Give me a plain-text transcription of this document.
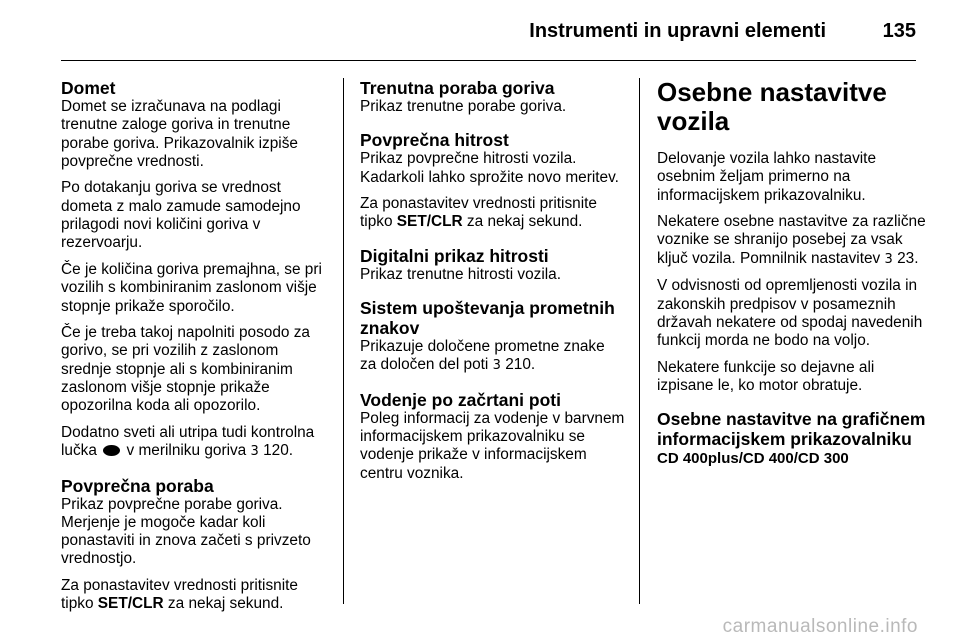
Instrumenti in upravni elementi	135
Domet

Domet se izračunava na podlagi trenutne zaloge goriva in trenutne porabe goriva. Prikazovalnik izpiše povprečne vrednosti.

Po dotakanju goriva se vrednost dometa z malo zamude samodejno prilagodi novi količini goriva v rezervoarju.

Če je količina goriva premajhna, se pri vozilih s kombiniranim zaslonom višje stopnje prikaže sporočilo.

Če je treba takoj napolniti posodo za gorivo, se pri vozilih z zaslonom srednje stopnje ali s kombiniranim zaslonom višje stopnje prikaže opozorilna koda ali opozorilo.

Dodatno sveti ali utripa tudi kontrolna lučka v merilniku goriva 3 120.

Povprečna poraba

Prikaz povprečne porabe goriva. Merjenje je mogoče kadar koli ponastaviti in znova začeti s privzeto vrednostjo.

Za ponastavitev vrednosti pritisnite tipko SET/CLR za nekaj sekund.

Trenutna poraba goriva

Prikaz trenutne porabe goriva.

Povprečna hitrost

Prikaz povprečne hitrosti vozila. Kadarkoli lahko sprožite novo meritev.

Za ponastavitev vrednosti pritisnite tipko SET/CLR za nekaj sekund.

Digitalni prikaz hitrosti

Prikaz trenutne hitrosti vozila.

Sistem upoštevanja prometnih znakov

Prikazuje določene prometne znake za določen del poti 3 210.

Vodenje po začrtani poti

Poleg informacij za vodenje v barvnem informacijskem prikazovalniku se vodenje prikaže v informacijskem centru voznika.

Osebne nastavitve vozila

Delovanje vozila lahko nastavite osebnim željam primerno na informacijskem prikazovalniku.

Nekatere osebne nastavitve za različne voznike se shranijo posebej za vsak ključ vozila. Pomnilnik nastavitev 3 23.

V odvisnosti od opremljenosti vozila in zakonskih predpisov v posameznih državah nekatere od spodaj navedenih funkcij morda ne bodo na voljo.

Nekatere funkcije so dejavne ali izpisane le, ko motor obratuje.

Osebne nastavitve na grafičnem informacijskem prikazovalniku
CD 400plus/CD 400/CD 300
carmanualsonline.info
